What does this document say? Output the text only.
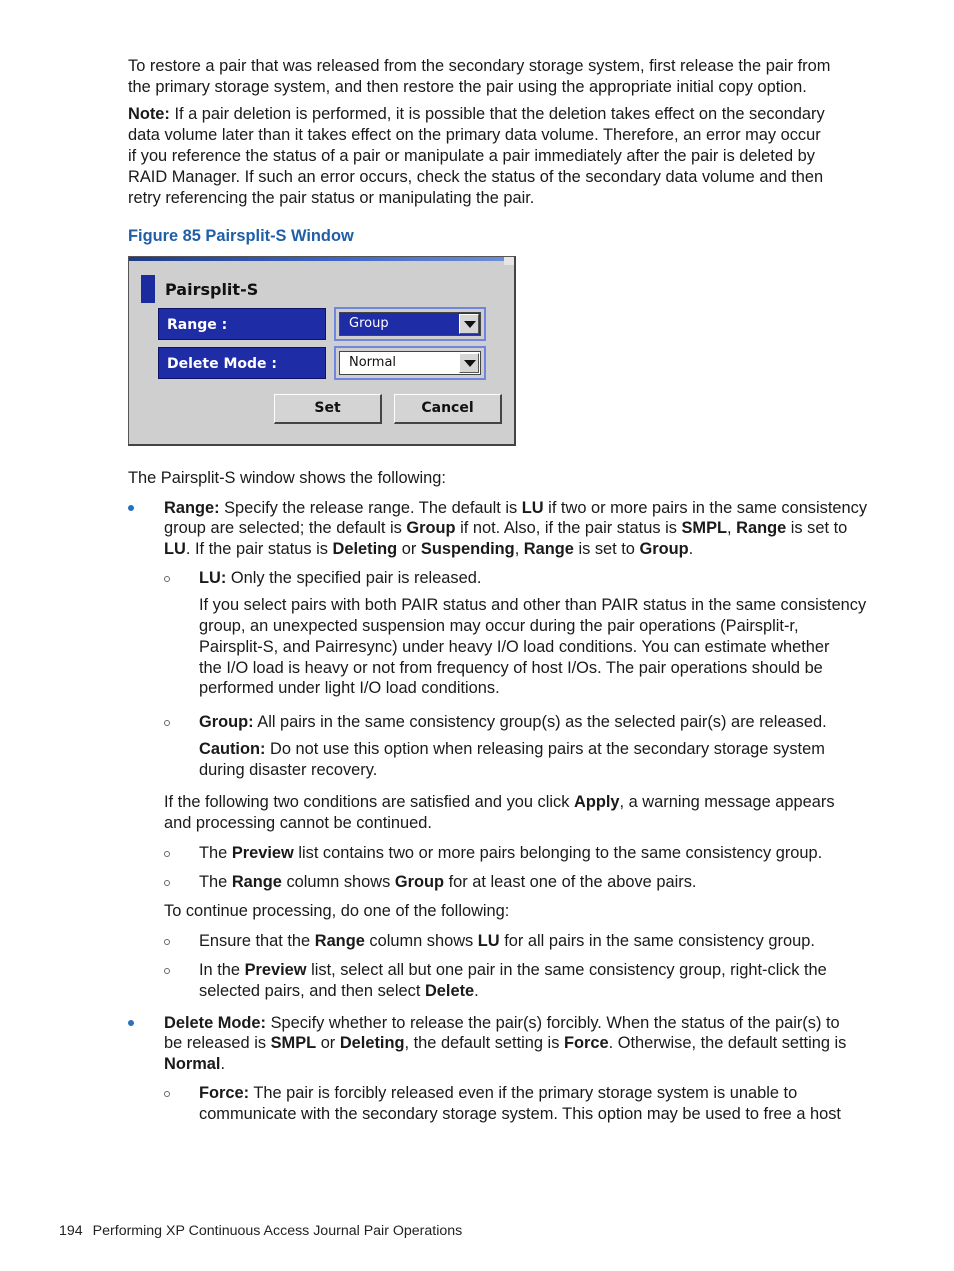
To restore a pair that was released from the secondary storage system, first release the pair from

the primary storage system, and then restore the pair using the appropriate initial copy option.

Note: If a pair deletion is performed, it is possible that the deletion takes effect on the secondary

data volume later than it takes effect on the primary data volume. Therefore, an error may occur

if you reference the status of a pair or manipulate a pair immediately after the pair is deleted by

RAID Manager. If such an error occurs, check the status of the secondary data volume and then

retry referencing the pair status or manipulating the pair.

Figure 85 Pairsplit-S Window

Pairsplit-S
Range :	Group
Delete Mode :	Normal
Set	Cancel

The Pairsplit-S window shows the following:

Range: Specify the release range. The default is LU if two or more pairs in the same consistency

group are selected; the default is Group if not. Also, if the pair status is SMPL, Range is set to

LU. If the pair status is Deleting or Suspending, Range is set to Group.

LU: Only the specified pair is released.

If you select pairs with both PAIR status and other than PAIR status in the same consistency

group, an unexpected suspension may occur during the pair operations (Pairsplit-r,

Pairsplit-S, and Pairresync) under heavy I/O load conditions. You can estimate whether

the I/O load is heavy or not from frequency of host I/Os. The pair operations should be

performed under light I/O load conditions.

Group: All pairs in the same consistency group(s) as the selected pair(s) are released.

Caution: Do not use this option when releasing pairs at the secondary storage system

during disaster recovery.

If the following two conditions are satisfied and you click Apply, a warning message appears

and processing cannot be continued.

The Preview list contains two or more pairs belonging to the same consistency group.

The Range column shows Group for at least one of the above pairs.

To continue processing, do one of the following:

Ensure that the Range column shows LU for all pairs in the same consistency group.

In the Preview list, select all but one pair in the same consistency group, right-click the

selected pairs, and then select Delete.

Delete Mode: Specify whether to release the pair(s) forcibly. When the status of the pair(s) to

be released is SMPL or Deleting, the default setting is Force. Otherwise, the default setting is

Normal.

Force: The pair is forcibly released even if the primary storage system is unable to

communicate with the secondary storage system. This option may be used to free a host

194 Performing XP Continuous Access Journal Pair Operations
